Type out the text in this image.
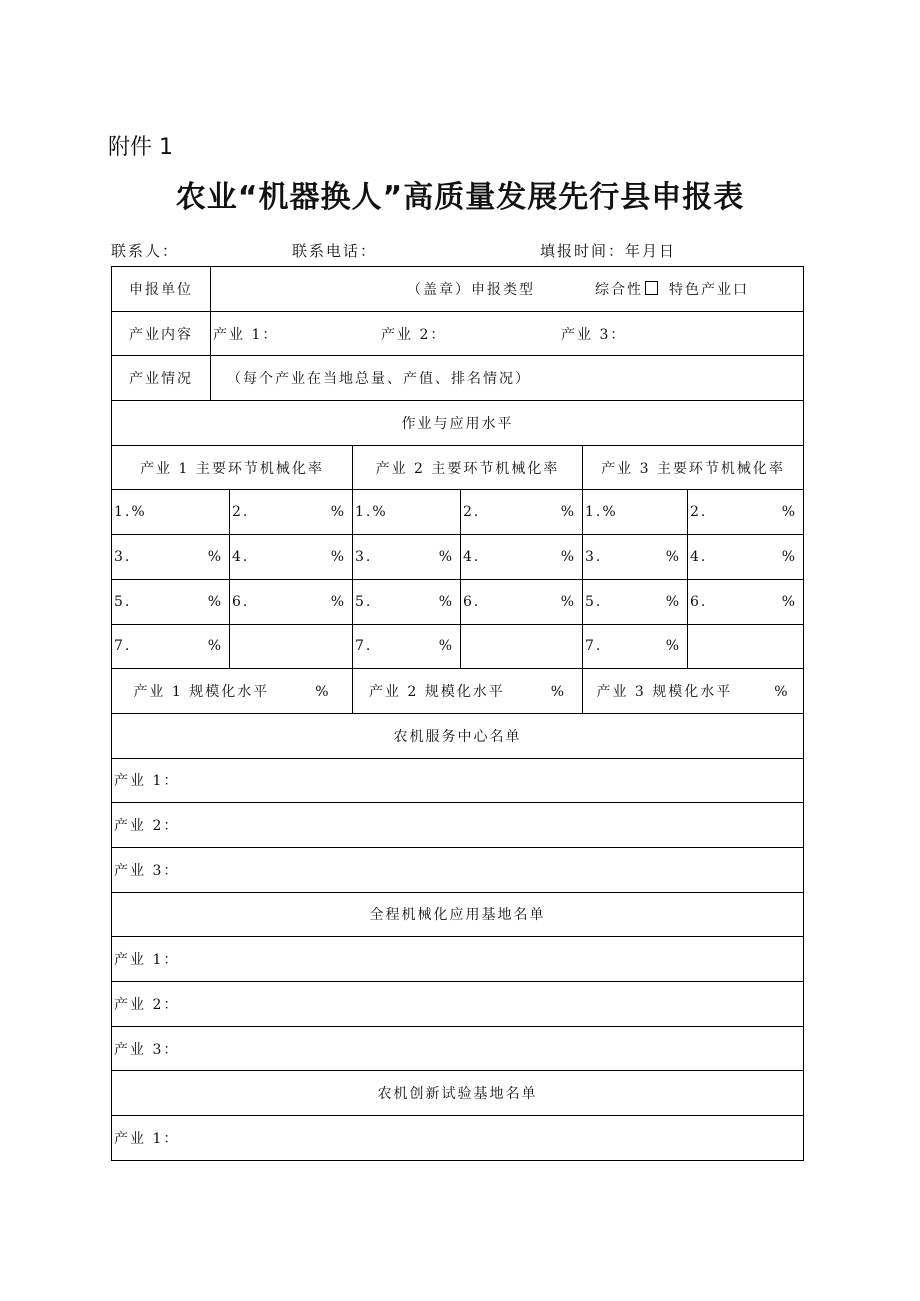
附件 1
农业“机器换人”高质量发展先行县申报表
联系人：	联系电话：	填报时间：年月日
申报单位	（盖章）申报类型 综合性 特色产业口					
产业内容	产业 1： 产业 2： 产业 3：					
产业情况	（每个产业在当地总量、产值、排名情况）					
作业与应用水平						
产业 1 主要环节机械化率			产业 2 主要环节机械化率		产业 3 主要环节机械化率	

1.%		2. %	1.%	2. %	1.%	2. %

3. %		4. %	3. %	4. %	3. %	4. %

5. %		6. %	5. %	6. %	5. %	6. %

7. %			7. %		7. %	

产业 1 规模化水平 %			产业 2 规模化水平 %		产业 3 规模化水平 %	
农机服务中心名单						
产业 1：						
产业 2：						
产业 3：						
全程机械化应用基地名单						
产业 1：						
产业 2：						
产业 3：						
农机创新试验基地名单						
产业 1：						
